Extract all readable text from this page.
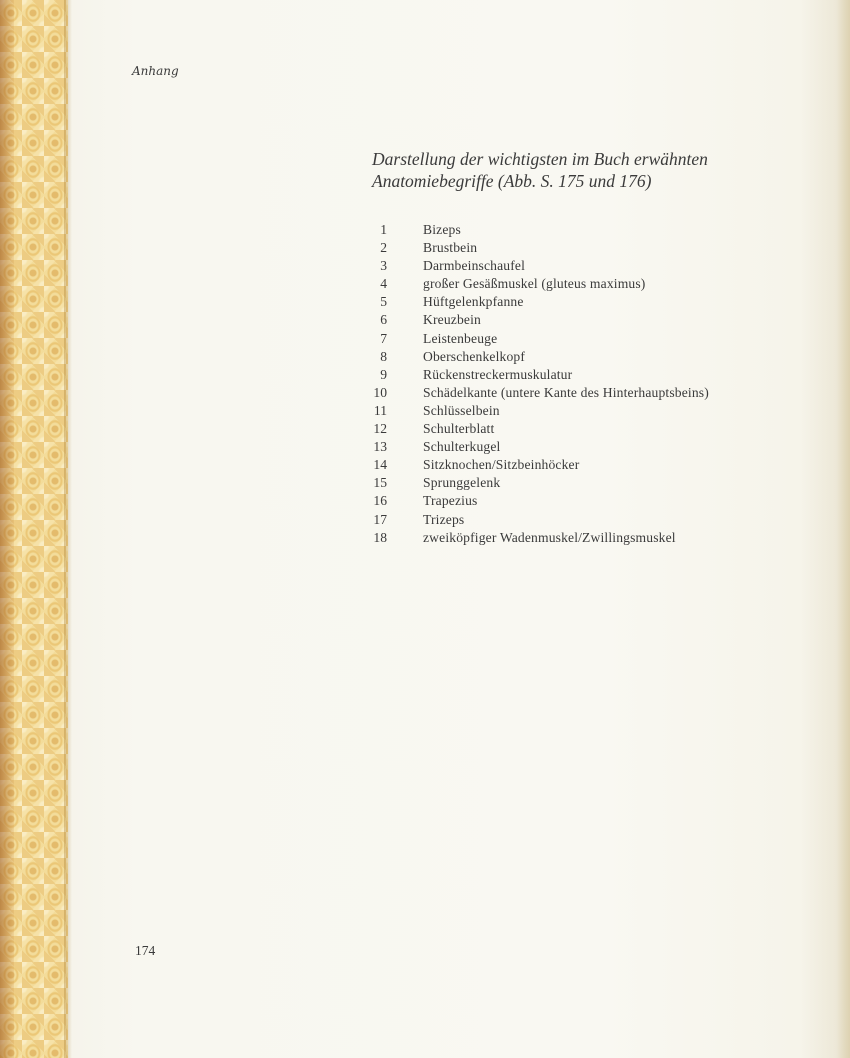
Anhang
Darstellung der wichtigsten im Buch erwähnten
Anatomiebegriffe (Abb. S. 175 und 176)
1	Bizeps
2	Brustbein
3	Darmbeinschaufel
4	großer Gesäßmuskel (gluteus maximus)
5	Hüftgelenkpfanne
6	Kreuzbein
7	Leistenbeuge
8	Oberschenkelkopf
9	Rückenstreckermuskulatur
10	Schädelkante (untere Kante des Hinterhauptsbeins)
11	Schlüsselbein
12	Schulterblatt
13	Schulterkugel
14	Sitzknochen/Sitzbeinhöcker
15	Sprunggelenk
16	Trapezius
17	Trizeps
18	zweiköpfiger Wadenmuskel/Zwillingsmuskel
174
